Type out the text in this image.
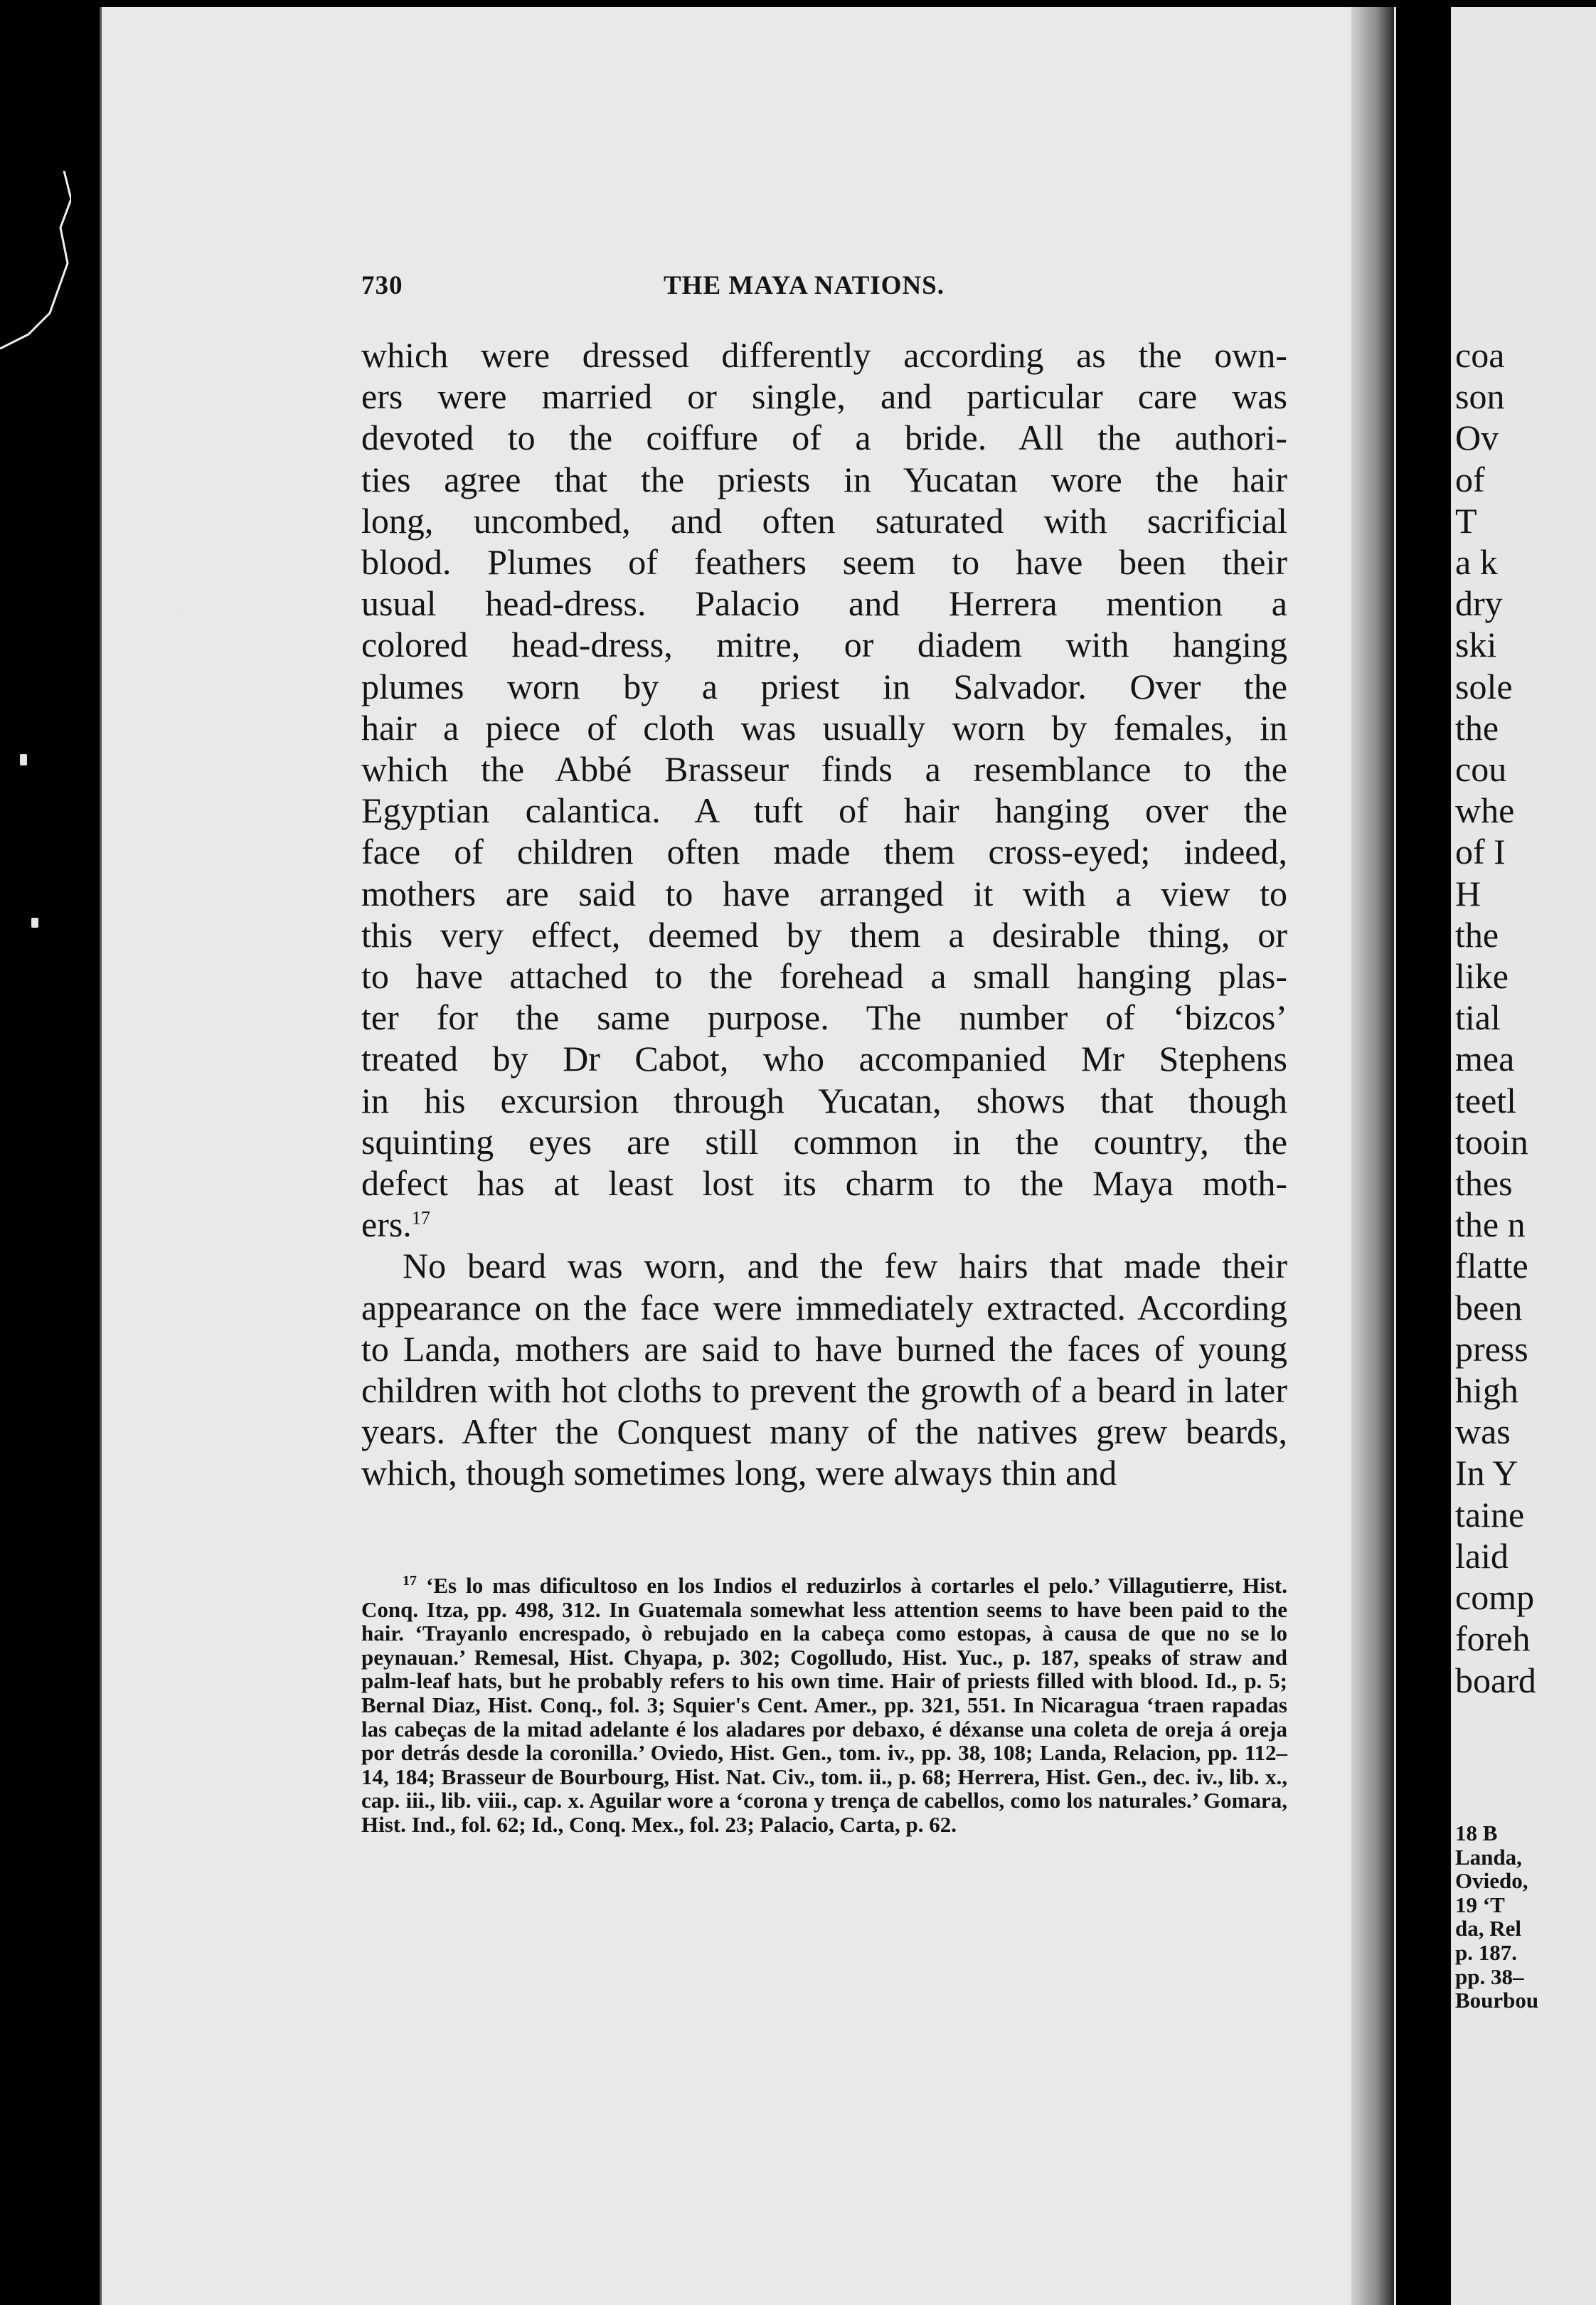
730	THE MAYA NATIONS.

which were dressed differently according as the own-
ers were married or single, and particular care was
devoted to the coiffure of a bride. All the authori-
ties agree that the priests in Yucatan wore the hair
long, uncombed, and often saturated with sacrificial
blood. Plumes of feathers seem to have been their
usual head-dress. Palacio and Herrera mention a
colored head-dress, mitre, or diadem with hanging
plumes worn by a priest in Salvador. Over the
hair a piece of cloth was usually worn by females, in
which the Abbé Brasseur finds a resemblance to the
Egyptian calantica. A tuft of hair hanging over the
face of children often made them cross-eyed; indeed,
mothers are said to have arranged it with a view to
this very effect, deemed by them a desirable thing, or
to have attached to the forehead a small hanging plas-
ter for the same purpose. The number of ‘bizcos’
treated by Dr Cabot, who accompanied Mr Stephens
in his excursion through Yucatan, shows that though
squinting eyes are still common in the country, the
defect has at least lost its charm to the Maya moth-
ers.$^{17}$

No beard was worn, and the few hairs that made their appearance on the face were immediately extracted. According to Landa, mothers are said to have burned the faces of young children with hot cloths to prevent the growth of a beard in later years. After the Conquest many of the natives grew beards, which, though sometimes long, were always thin and

$^{17}$ ‘Es lo mas dificultoso en los Indios el reduzirlos à cortarles el pelo.’ Villagutierre, Hist. Conq. Itza, pp. 498, 312. In Guatemala somewhat less attention seems to have been paid to the hair. ‘Trayanlo encrespado, ò rebujado en la cabeça como estopas, à causa de que no se lo peynauan.’ Remesal, Hist. Chyapa, p. 302; Cogolludo, Hist. Yuc., p. 187, speaks of straw and palm-leaf hats, but he probably refers to his own time. Hair of priests filled with blood. Id., p. 5; Bernal Diaz, Hist. Conq., fol. 3; Squier's Cent. Amer., pp. 321, 551. In Nicaragua ‘traen rapadas las cabeças de la mitad adelante é los aladares por debaxo, é déxanse una coleta de oreja á oreja por detrás desde la coronilla.’ Oviedo, Hist. Gen., tom. iv., pp. 38, 108; Landa, Relacion, pp. 112–14, 184; Brasseur de Bourbourg, Hist. Nat. Civ., tom. ii., p. 68; Herrera, Hist. Gen., dec. iv., lib. x., cap. iii., lib. viii., cap. x. Aguilar wore a ‘corona y trença de cabellos, como los naturales.’ Gomara, Hist. Ind., fol. 62; Id., Conq. Mex., fol. 23; Palacio, Carta, p. 62.
coa
son
Ov
of
T
a k
dry
ski
sole
the
cou
whe
of I
H
the
like
tial
mea
teetl
tooin
thes
the n
flatte
been
press
high
was
In Y
taine
laid
comp
foreh
board
18 B
Landa,
Oviedo,
19 ‘T
da, Rel
p. 187.
pp. 38–
Bourbou
